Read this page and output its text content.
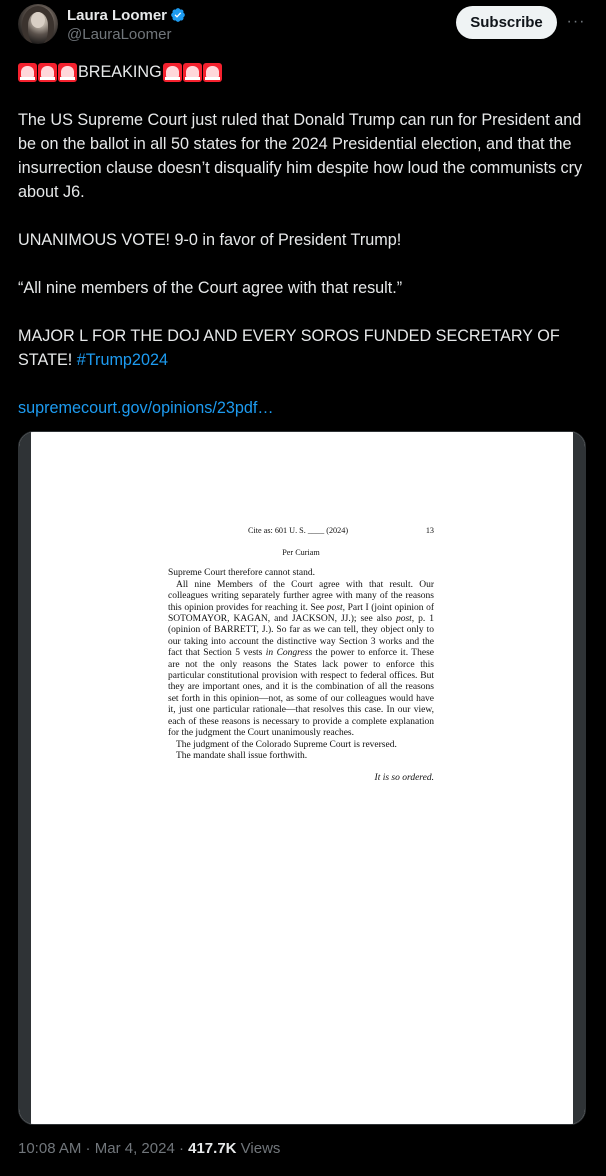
Laura Loomer
@LauraLoomer
Subscribe	···
BREAKING

The US Supreme Court just ruled that Donald Trump can run for President and be on the ballot in all 50 states for the 2024 Presidential election, and that the insurrection clause doesn’t disqualify him despite how loud the communists cry about J6.

UNANIMOUS VOTE! 9-0 in favor of President Trump!

“All nine members of the Court agree with that result.”

MAJOR L FOR THE DOJ AND EVERY SOROS FUNDED SECRETARY OF STATE! #Trump2024

supremecourt.gov/opinions/23pdf…

Cite as: 601 U. S. ____ (2024)	13
Per Curiam

Supreme Court therefore cannot stand.

All nine Members of the Court agree with that result. Our colleagues writing separately further agree with many of the reasons this opinion provides for reaching it. See post, Part I (joint opinion of SOTOMAYOR, KAGAN, and JACKSON, JJ.); see also post, p. 1 (opinion of BARRETT, J.). So far as we can tell, they object only to our taking into account the distinctive way Section 3 works and the fact that Section 5 vests in Congress the power to enforce it. These are not the only reasons the States lack power to enforce this particular constitutional provision with respect to federal offices. But they are important ones, and it is the combination of all the reasons set forth in this opinion—not, as some of our colleagues would have it, just one particular rationale—that resolves this case. In our view, each of these reasons is necessary to provide a complete explanation for the judgment the Court unanimously reaches.

The judgment of the Colorado Supreme Court is reversed.

The mandate shall issue forthwith.

It is so ordered.

10:08 AM · Mar 4, 2024 · 417.7K Views
